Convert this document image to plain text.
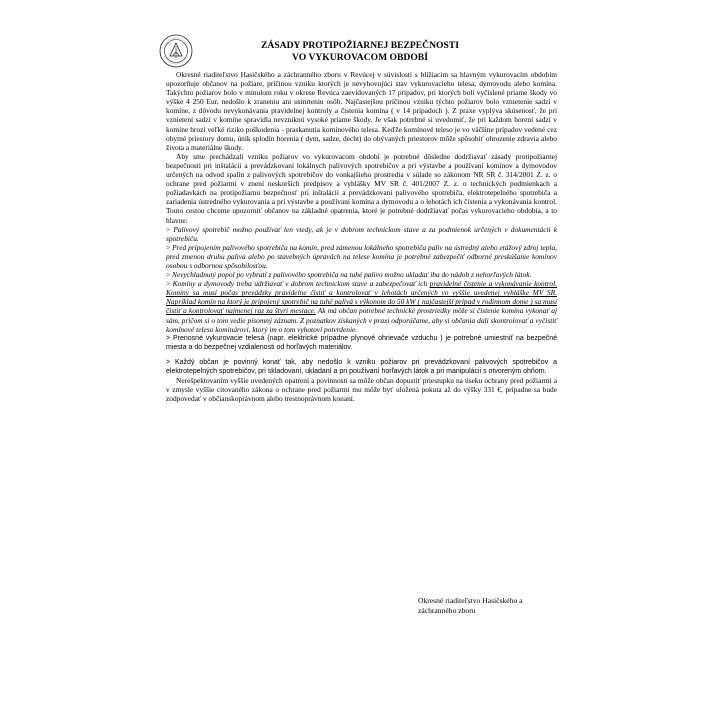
ZÁSADY PROTIPOŽIARNEJ BEZPEČNOSTI
VO VYKUROVACOM OBDOBÍ

Okresné riaditeľstvo Hasičského a záchranného zboru v Revúcej v súvislosti s blížiacim sa hlavným vykurovacím obdobím upozorňuje občanov na požiare, príčinou vzniku ktorých je nevyhovujúci stav vykurovacieho telesa, dymovodu alebo komína. Takýchto požiarov bolo v minulom roku v okrese Revúca zaevidovaných 17 prípadov, pri ktorých boli vyčíslené priame škody vo výške 4 250 Eur, nedošlo k zraneniu ani usmrteniu osôb. Najčastejšou príčinou vzniku týchto požiarov bolo vznietenie sadzí v komíne, z dôvodu nevykonávania pravidelnej kontroly a čistenia komína ( v 14 prípadoch ). Z praxe vyplýva skúsenosť, že pri vznietení sadzí v komíne spravidla nevzniknú vysoké priame škody. Je však potrebné si uvedomiť, že pri každom horení sadzí v komíne hrozí veľké riziko poškodenia - praskanutia komínového telesa. Keďže komínové teleso je vo väčšine prípadov vedené cez obytné priestory domu, únik splodín horenia ( dym, sadze, decht) do obývaných priestorov môže spôsobiť ohrozenie zdravia alebo života a materiálne škody.

Aby sme prechádzali vzniku požiarov vo vykurovacom období je potrebné dôsledne dodržiavať zásady protipožiarnej bezpečnosti pri inštalácii a prevádzkovaní lokálnych palivových spotrebičov a pri výstavbe a používaní komínov a dymovodov určených na odvod spalín z palivových spotrebičov do vonkajšieho prostredia v súlade so zákonom NR SR č. 314/2001 Z. z. o ochrane pred požiarmi v znení neskorších predpisov a vyhlášky MV SR č. 401/2007 Z. z. o technických podmienkach a požiadavkách na protipožiarnu bezpečnosť pri inštalácii a prevádzkovaní palivového spotrebiča, elektrotepelného spotrebiča a zariadenia ústredného vykurovania a pri výstavbe a používaní komína a dymovodu a o lehotách ich čistenia a vykonávania kontrol. Touto cestou chceme upozorniť občanov na základné opatrenia, ktoré je potrebné dodržiavať počas vykurovacieho obdobia, a to hlavne:

> Palivový spotrebič možno používať len vtedy, ak je v dobrom technickom stave a za podmienok určených v dokumentácii k spotrebiču.
> Pred pripojením palivového spotrebiča na komín, pred zámenou lokálneho spotrebiča paliv na ústredný alebo etážový zdroj tepla, pred zmenou druhu paliva alebo po stavebných úpravách na telese komína je potrebné zabezpečiť odborné preskúšanie komínov osobou s odbornou spôsobilosťou.
> Nevychladnutý popol po vybratí z palivového spotrebiča na tuhé palivo možno ukladať iba do nádob z nehorľavých látok.
> Komíny a dymovody treba udržiavať v dobrom technickom stave a zabezpečovať ich pravidelné čistenie a vykonávanie kontrol. Komíny sa musí počas prevádzky pravidelne čistiť a kontrolovať v lehotách určených vo vyššie uvedenej vyhláške MV SR. Napríklad komín na ktorý je pripojený spotrebič na tuhé palivá s výkonom do 50 kW ( najčastejší prípad v rodinnom dome ) sa musí čistiť a kontrolovať najmenej raz za štyri mesiace. Ak má občan potrebné technické prostriedky môže si čistenie komína vykonať aj sám, pričom si o tom vedie písomný záznam. Z poznatkov získaných v praxi odporúčame, aby si občania dali skontrolovať a vyčistiť komínové teleso kominárovi, ktorý im o tom vyhotoví potvrdenie.
> Prenosné vykurovacie telesá (napr. elektrické prípadne plynové ohrievače vzduchu ) je potrebné umiestniť na bezpečné miesta a do bezpečnej vzdialenosti od horľavých materiálov.
> Každý občan je povinný konať tak, aby nedošlo k vzniku požiarov pri prevádzkovaní palivových spotrebičov a elektrotepelných spotrebičov, pri skladovaní, ukladaní a pri používaní horľavých látok a pri manipulácii s otvoreným ohňom.

Nerešpektovaním vyššie uvedených opatrení a povinností sa môže občan dopustiť priestupku na úseku ochrany pred požiarmi a v zmysle vyššie citovaného zákona o ochrane pred požiarmi mu môže byť uložená pokuta až do výšky 331 €, prípadne sa bude zodpovedať v občianskoprávnom alebo trestnoprávnom konaní.

Okresné riaditeľstvo Hasičského a
záchranného zboru
